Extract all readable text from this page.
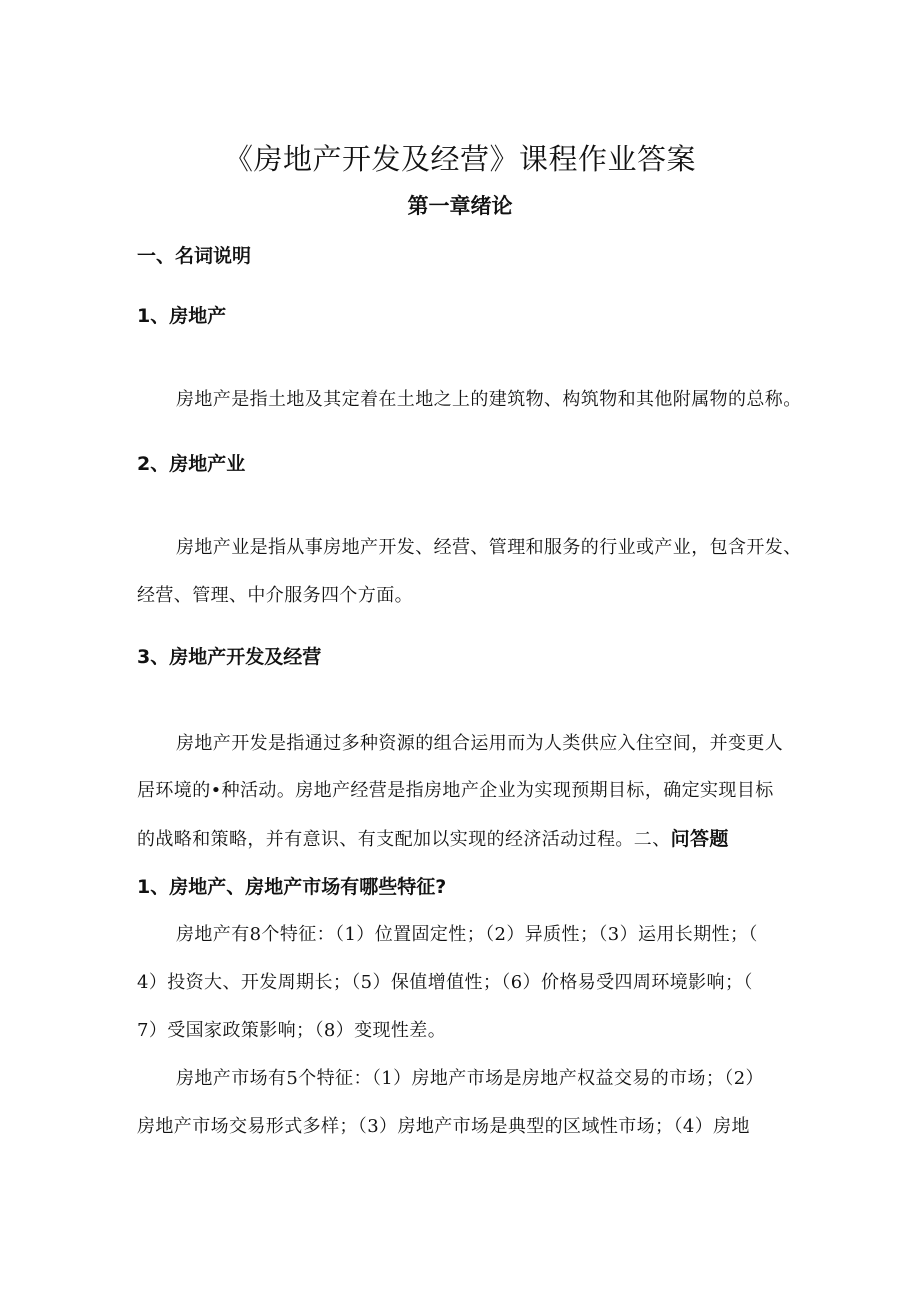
《房地产开发及经营》课程作业答案
第一章绪论
一、名词说明
1、房地产
房地产是指土地及其定着在土地之上的建筑物、构筑物和其他附属物的总称。
2、房地产业
房地产业是指从事房地产开发、经营、管理和服务的行业或产业，包含开发、
经营、管理、中介服务四个方面。
3、房地产开发及经营
房地产开发是指通过多种资源的组合运用而为人类供应入住空间，并变更人
居环境的•种活动。房地产经营是指房地产企业为实现预期目标，确定实现目标
的战略和策略，并有意识、有支配加以实现的经济活动过程。二、问答题
1、房地产、房地产市场有哪些特征?
房地产有8个特征：（1）位置固定性；（2）异质性；（3）运用长期性；（
4）投资大、开发周期长；（5）保值增值性；（6）价格易受四周环境影响；（
7）受国家政策影响；（8）变现性差。
房地产市场有5个特征：（1）房地产市场是房地产权益交易的市场；（2）
房地产市场交易形式多样；（3）房地产市场是典型的区域性市场；（4）房地
